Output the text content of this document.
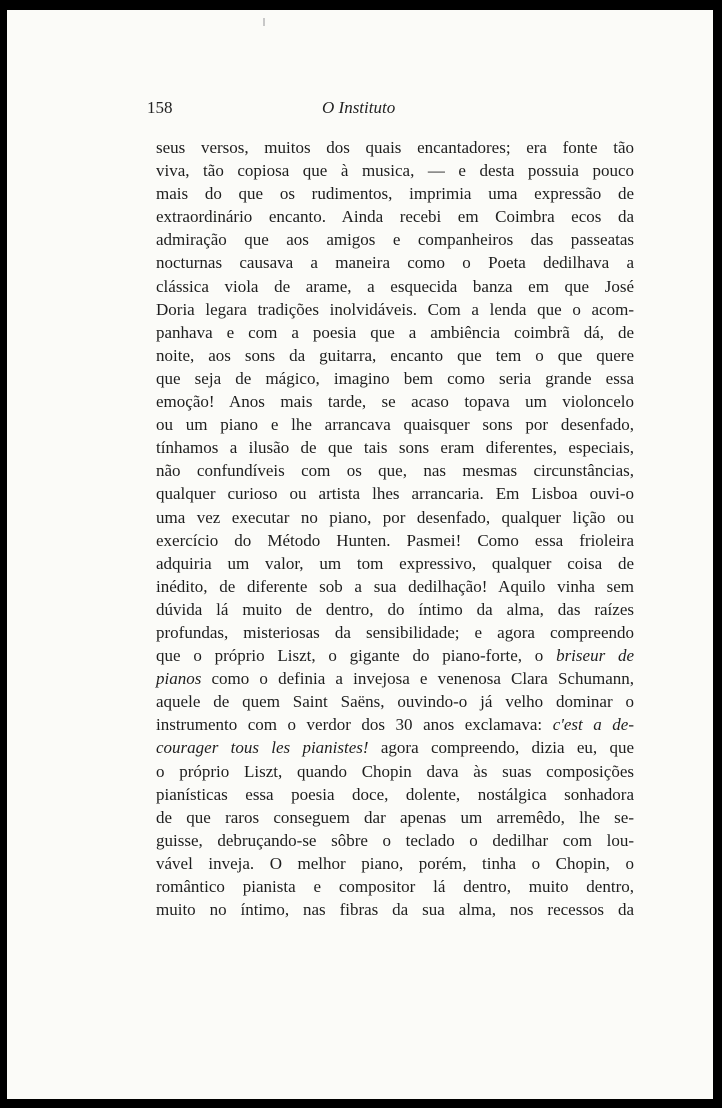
158	O Instituto
seus versos, muitos dos quais encantadores; era fonte tão
viva, tão copiosa que à musica, — e desta possuia pouco
mais do que os rudimentos, imprimia uma expressão de
extraordinário encanto. Ainda recebi em Coimbra ecos da
admiração que aos amigos e companheiros das passeatas
nocturnas causava a maneira como o Poeta dedilhava a
clássica viola de arame, a esquecida banza em que José
Doria legara tradições inolvidáveis. Com a lenda que o acom-
panhava e com a poesia que a ambiência coimbrã dá, de
noite, aos sons da guitarra, encanto que tem o que quere
que seja de mágico, imagino bem como seria grande essa
emoção! Anos mais tarde, se acaso topava um violoncelo
ou um piano e lhe arrancava quaisquer sons por desenfado,
tínhamos a ilusão de que tais sons eram diferentes, especiais,
não confundíveis com os que, nas mesmas circunstâncias,
qualquer curioso ou artista lhes arrancaria. Em Lisboa ouvi-o
uma vez executar no piano, por desenfado, qualquer lição ou
exercício do Método Hunten. Pasmei! Como essa frioleira
adquiria um valor, um tom expressivo, qualquer coisa de
inédito, de diferente sob a sua dedilhação! Aquilo vinha sem
dúvida lá muito de dentro, do íntimo da alma, das raízes
profundas, misteriosas da sensibilidade; e agora compreendo
que o próprio Liszt, o gigante do piano-forte, o briseur de
pianos como o definia a invejosa e venenosa Clara Schumann,
aquele de quem Saint Saëns, ouvindo-o já velho dominar o
instrumento com o verdor dos 30 anos exclamava: c'est a de-
courager tous les pianistes! agora compreendo, dizia eu, que
o próprio Liszt, quando Chopin dava às suas composições
pianísticas essa poesia doce, dolente, nostálgica sonhadora
de que raros conseguem dar apenas um arremêdo, lhe se-
guisse, debruçando-se sôbre o teclado o dedilhar com lou-
vável inveja. O melhor piano, porém, tinha o Chopin, o
romântico pianista e compositor lá dentro, muito dentro,
muito no íntimo, nas fibras da sua alma, nos recessos da
